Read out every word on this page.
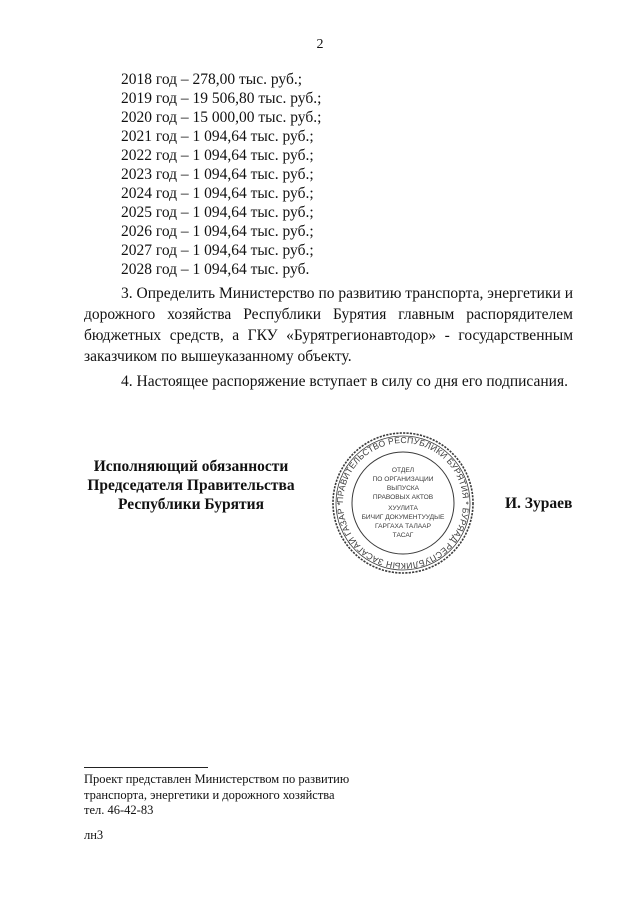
2
2018 год – 278,00 тыс. руб.;
2019 год – 19 506,80 тыс. руб.;
2020 год – 15 000,00 тыс. руб.;
2021 год – 1 094,64 тыс. руб.;
2022 год – 1 094,64 тыс. руб.;
2023 год – 1 094,64 тыс. руб.;
2024 год – 1 094,64 тыс. руб.;
2025 год – 1 094,64 тыс. руб.;
2026 год – 1 094,64 тыс. руб.;
2027 год – 1 094,64 тыс. руб.;
2028 год – 1 094,64 тыс. руб.

3. Определить Министерство по развитию транспорта, энергетики и дорожного хозяйства Республики Бурятия главным распорядителем бюджетных средств, а ГКУ «Бурятрегионавтодор» - государственным заказчиком по вышеуказанному объекту.

4. Настоящее распоряжение вступает в силу со дня его подписания.

Исполняющий обязанности
Председателя Правительства
Республики Бурятия	ПРАВИТЕЛЬСТВО РЕСПУБЛИКИ БУРЯТИЯ * БУРЯАД РЕСПУБЛИКЫН ЗАСАГАЙ ГАЗАР *
ОТДЕЛ
ПО ОРГАНИЗАЦИИ
ВЫПУСКА
ПРАВОВЫХ АКТОВ
ХУУЛИТА
БИЧИГ ДОКУМЕНТУУДЫЕ
ГАРГАХА ТАЛААР
ТАСАГ
И. Зураев
Проект представлен Министерством по развитию
транспорта, энергетики и дорожного хозяйства
тел. 46-42-83
лн3
